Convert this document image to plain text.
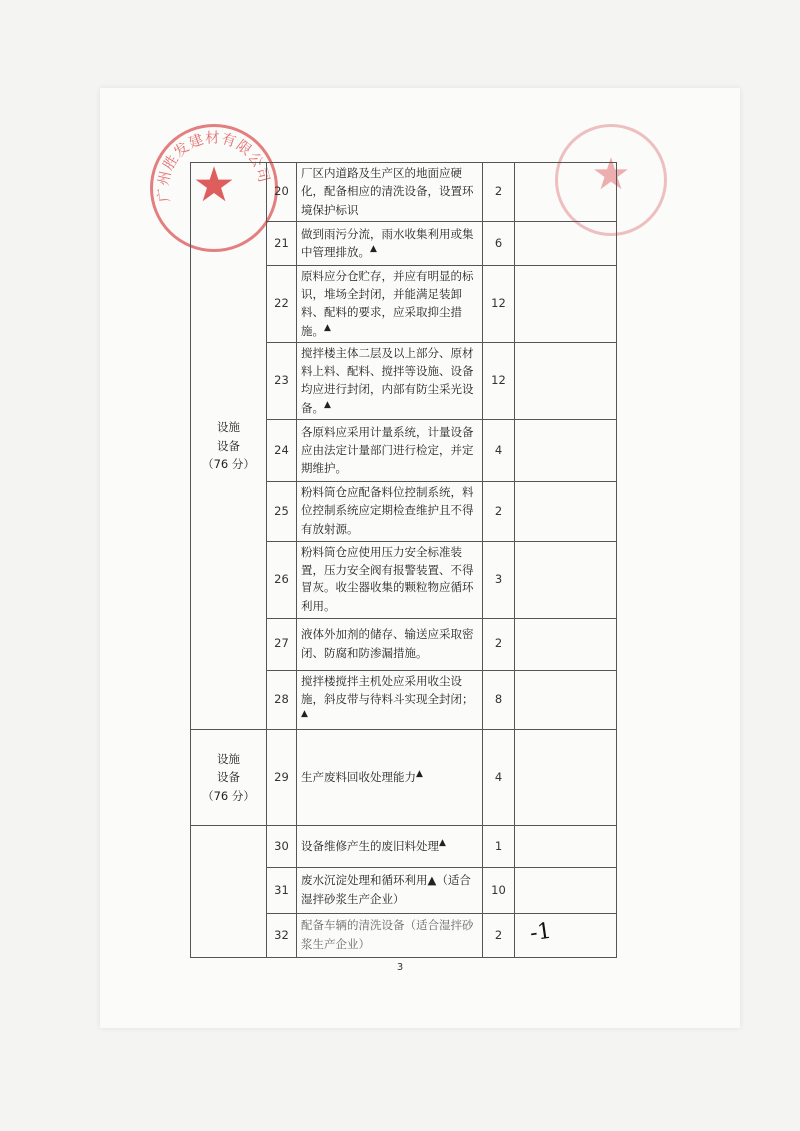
广州胜发建材有限公司
★	★
设施
设备
（76 分）	20	厂区内道路及生产区的地面应硬化，配备相应的清洗设备，设置环境保护标识	2	
	21	做到雨污分流，雨水收集利用或集中管理排放。▲	6	
	22	原料应分仓贮存，并应有明显的标识，堆场全封闭，并能满足装卸料、配料的要求，应采取抑尘措施。▲	12	
	23	搅拌楼主体二层及以上部分、原材料上料、配料、搅拌等设施、设备均应进行封闭，内部有防尘采光设备。▲	12	
	24	各原料应采用计量系统，计量设备应由法定计量部门进行检定，并定期维护。	4	
	25	粉料筒仓应配备料位控制系统，料位控制系统应定期检查维护且不得有放射源。	2	
	26	粉料筒仓应使用压力安全标准装置，压力安全阀有报警装置、不得冒灰。收尘器收集的颗粒物应循环利用。	3	
	27	液体外加剂的储存、输送应采取密闭、防腐和防渗漏措施。	2	
	28	搅拌楼搅拌主机处应采用收尘设施，斜皮带与待料斗实现全封闭；▲	8	
设施
设备
（76 分）	29	生产废料回收处理能力▲	4	
	30	设备维修产生的废旧料处理▲	1	
	31	废水沉淀处理和循环利用▲（适合湿拌砂浆生产企业）	10	
	32	配备车辆的清洗设备（适合湿拌砂浆生产企业）	2	-1
3
